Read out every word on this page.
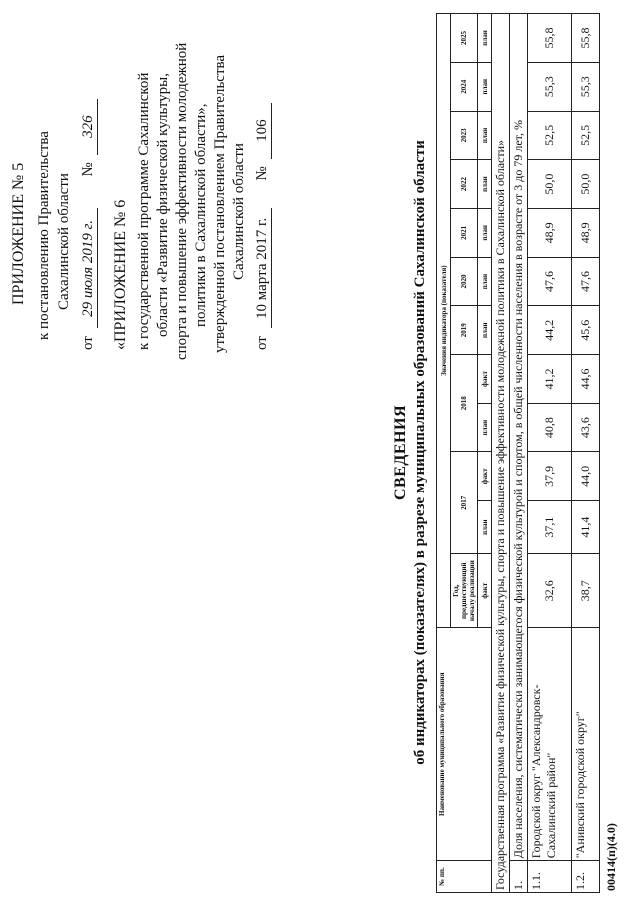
ПРИЛОЖЕНИЕ № 5 к постановлению Правительства Сахалинской области
от 29 июля 2019 г. № 326
«ПРИЛОЖЕНИЕ № 6 к государственной программе Сахалинской области «Развитие физической культуры, спорта и повышение эффективности молодежной политики в Сахалинской области», утвержденной постановлением Правительства Сахалинской области
от 10 марта 2017 г. № 106
СВЕДЕНИЯ об индикаторах (показателях) в разрезе муниципальных образований Сахалинской области
№ пп.	Наименование муниципального образования	Значения индикатора (показателя)											
		Год, предшествующий началу реализации	2017		2018		2019	2020	2021	2022	2023	2024	2025
		факт	план	факт	план	факт	план	план	план	план	план	план	план
Государственная программа «Развитие физической культуры, спорта и повышение эффективности молодежной политики в Сахалинской области»													
1.	Доля населения, систематически занимающегося физической культурой и спортом, в общей численности населения в возрасте от 3 до 79 лет, %												
1.1.	Городской округ "Александровск-Сахалинский район"	32,6	37,1	37,9	40,8	41,2	44,2	47,6	48,9	50,0	52,5	55,3	55,8
1.2.	"Анивский городской округ"	38,7	41,4	44,0	43,6	44,6	45,6	47,6	48,9	50,0	52,5	55,3	55,8
00414(п)(4.0)
